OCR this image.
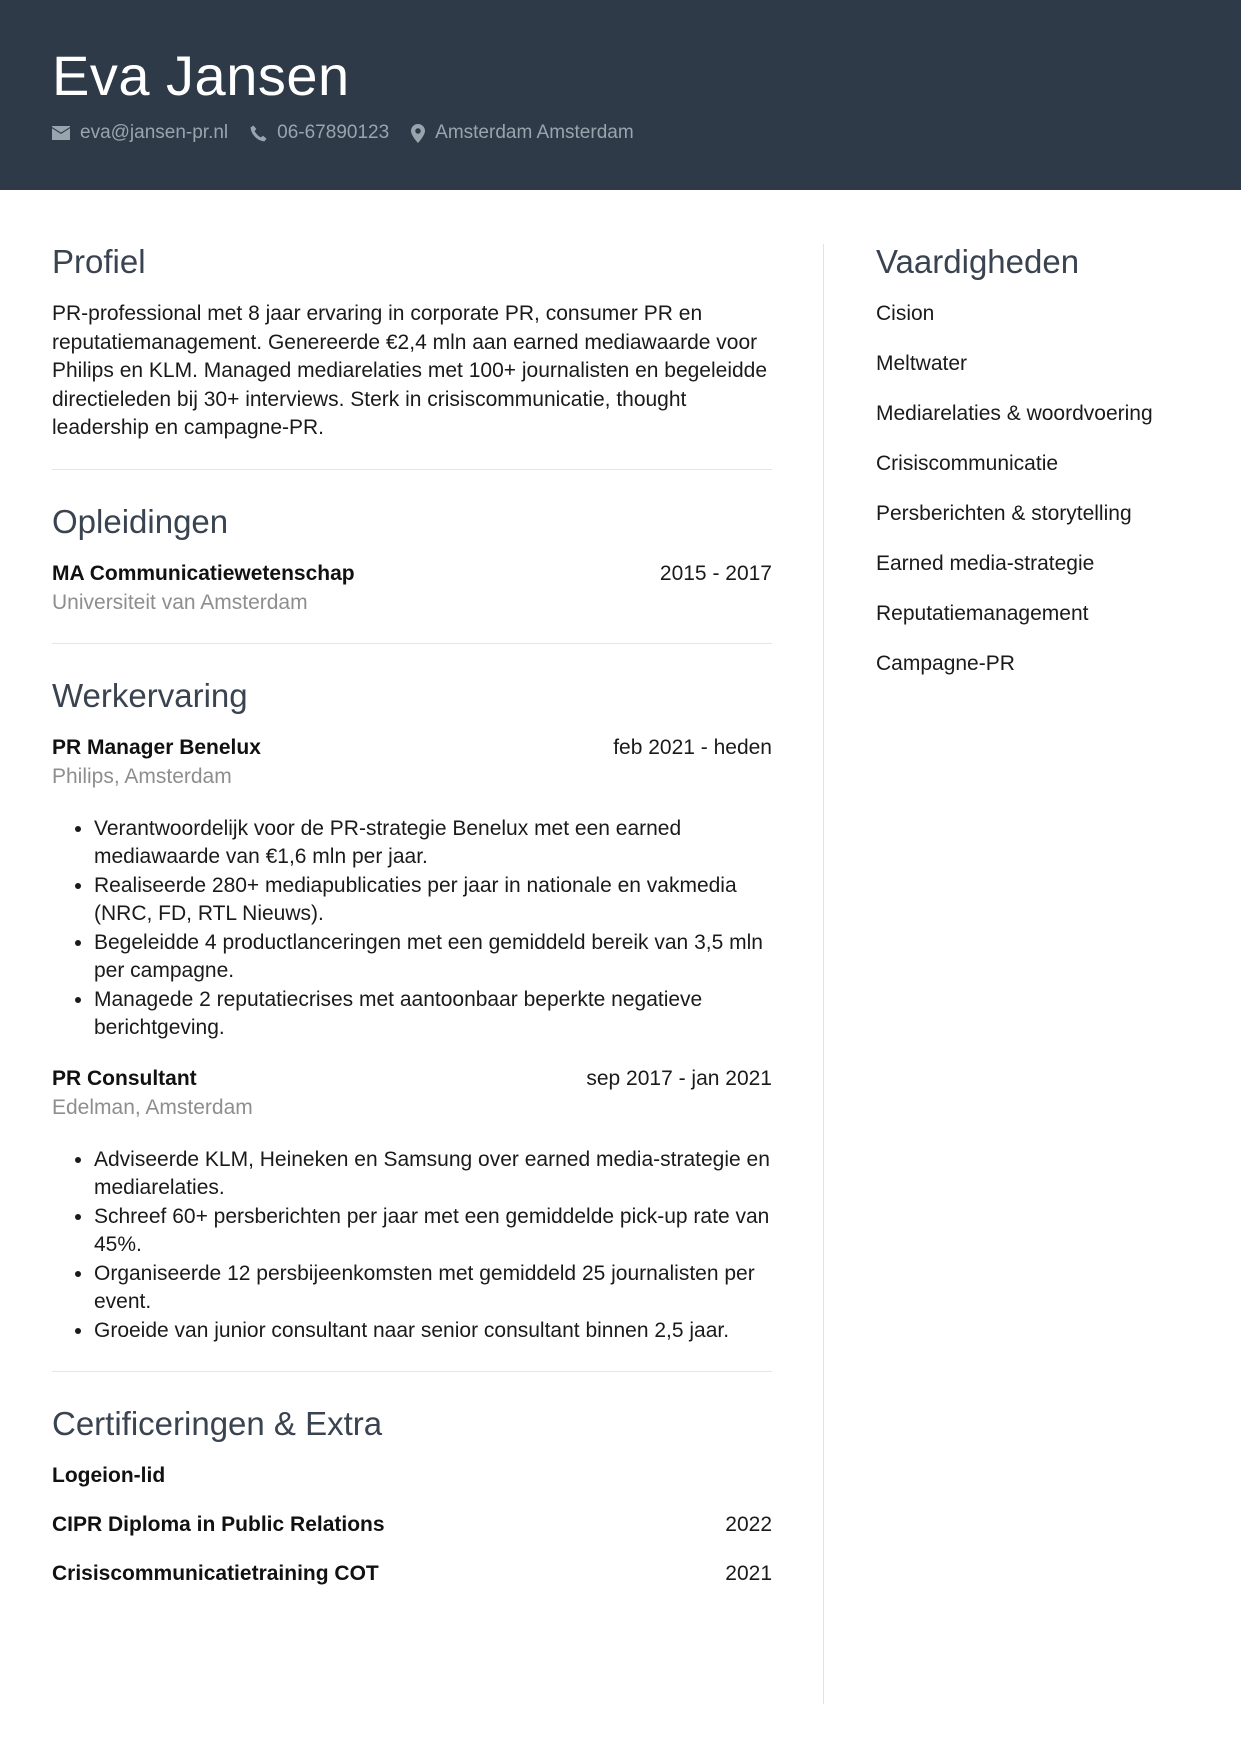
Eva Jansen
eva@jansen-pr.nl	06-67890123 Amsterdam Amsterdam
Profiel

PR-professional met 8 jaar ervaring in corporate PR, consumer PR en reputatiemanagement. Genereerde €2,4 mln aan earned mediawaarde voor Philips en KLM. Managed mediarelaties met 100+ journalisten en begeleidde directieleden bij 30+ interviews. Sterk in crisiscommunicatie, thought leadership en campagne-PR.

Opleidingen
MA Communicatiewetenschap	2015 - 2017

Universiteit van Amsterdam

Werkervaring
PR Manager Benelux	feb 2021 - heden

Philips, Amsterdam

• Verantwoordelijk voor de PR-strategie Benelux met een earned mediawaarde van €1,6 mln per jaar.
• Realiseerde 280+ mediapublicaties per jaar in nationale en vakmedia (NRC, FD, RTL Nieuws).
• Begeleidde 4 productlanceringen met een gemiddeld bereik van 3,5 mln per campagne.
• Managede 2 reputatiecrises met aantoonbaar beperkte negatieve berichtgeving.
PR Consultant	sep 2017 - jan 2021

Edelman, Amsterdam

• Adviseerde KLM, Heineken en Samsung over earned media-strategie en mediarelaties.
• Schreef 60+ persberichten per jaar met een gemiddelde pick-up rate van 45%.
• Organiseerde 12 persbijeenkomsten met gemiddeld 25 journalisten per event.
• Groeide van junior consultant naar senior consultant binnen 2,5 jaar.
Certificeringen & Extra
Logeion-lid
CIPR Diploma in Public Relations	2022
Crisiscommunicatietraining COT	2021
Vaardigheden
Cision
Meltwater
Mediarelaties & woordvoering
Crisiscommunicatie
Persberichten & storytelling
Earned media-strategie
Reputatiemanagement
Campagne-PR
